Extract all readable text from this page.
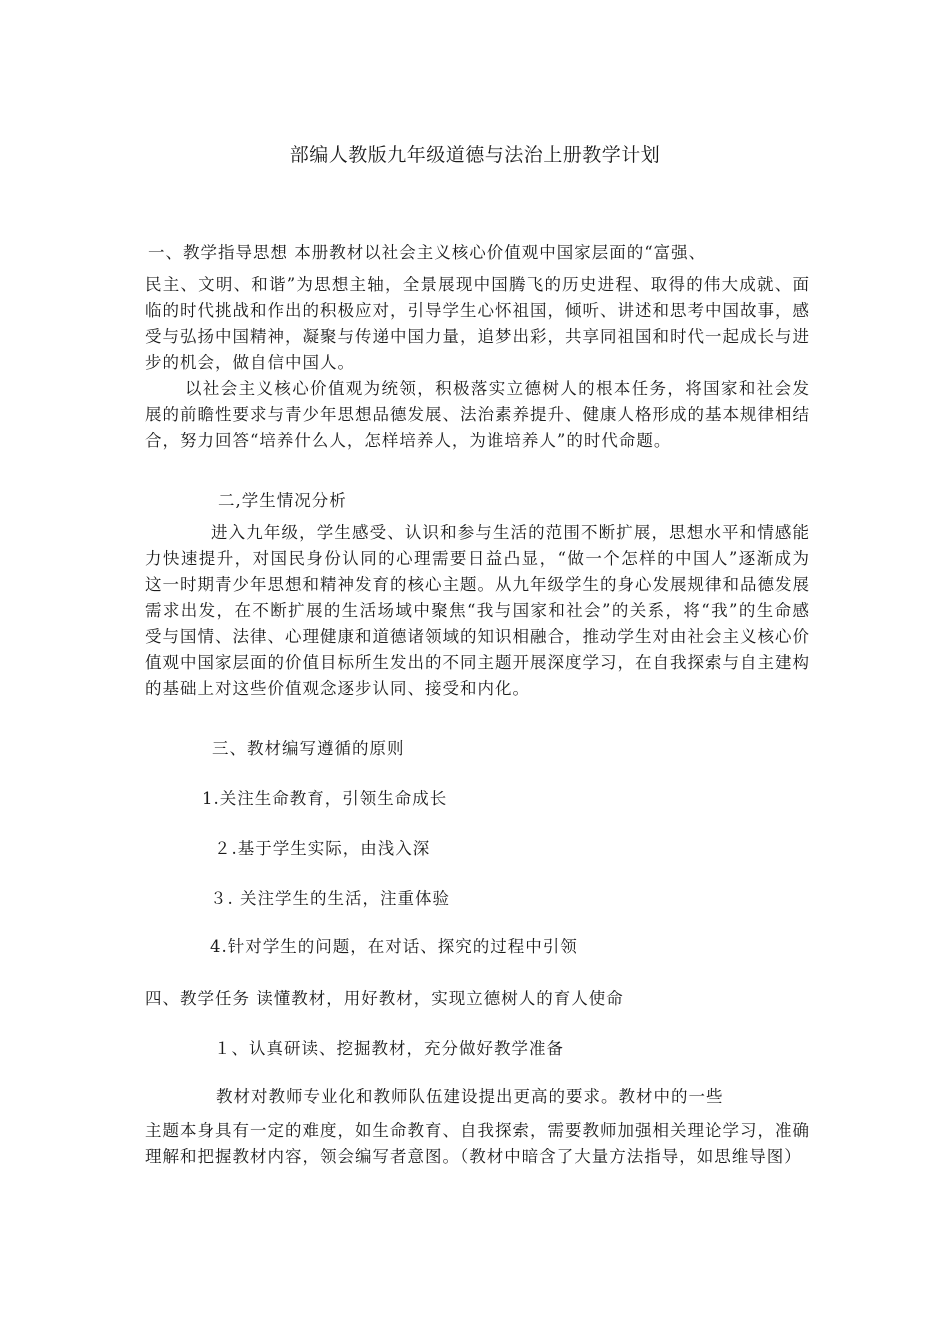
部编人教版九年级道德与法治上册教学计划
一、教学指导思想 本册教材以社会主义核心价值观中国家层面的“富强、
民主、文明、和谐”为思想主轴，全景展现中国腾飞的历史进程、取得的伟大成就、面临的时代挑战和作出的积极应对，引导学生心怀祖国，倾听、讲述和思考中国故事，感受与弘扬中国精神，凝聚与传递中国力量，追梦出彩，共享同祖国和时代一起成长与进步的机会，做自信中国人。
以社会主义核心价值观为统领，积极落实立德树人的根本任务，将国家和社会发展的前瞻性要求与青少年思想品德发展、法治素养提升、健康人格形成的基本规律相结合，努力回答“培养什么人，怎样培养人，为谁培养人”的时代命题。
二,学生情况分析
进入九年级，学生感受、认识和参与生活的范围不断扩展，思想水平和情感能力快速提升，对国民身份认同的心理需要日益凸显，“做一个怎样的中国人”逐渐成为这一时期青少年思想和精神发育的核心主题。从九年级学生的身心发展规律和品德发展需求出发，在不断扩展的生活场域中聚焦“我与国家和社会”的关系，将“我”的生命感受与国情、法律、心理健康和道德诸领域的知识相融合，推动学生对由社会主义核心价值观中国家层面的价值目标所生发出的不同主题开展深度学习，在自我探索与自主建构的基础上对这些价值观念逐步认同、接受和内化。
三、教材编写遵循的原则
1.关注生命教育，引领生命成长
２.基于学生实际，由浅入深
３. 关注学生的生活，注重体验
4.针对学生的问题，在对话、探究的过程中引领
四、教学任务 读懂教材，用好教材，实现立德树人的育人使命
１、认真研读、挖掘教材，充分做好教学准备
教材对教师专业化和教师队伍建设提出更高的要求。教材中的一些
主题本身具有一定的难度，如生命教育、自我探索，需要教师加强相关理论学习，准确理解和把握教材内容，领会编写者意图。（教材中暗含了大量方法指导，如思维导图）
